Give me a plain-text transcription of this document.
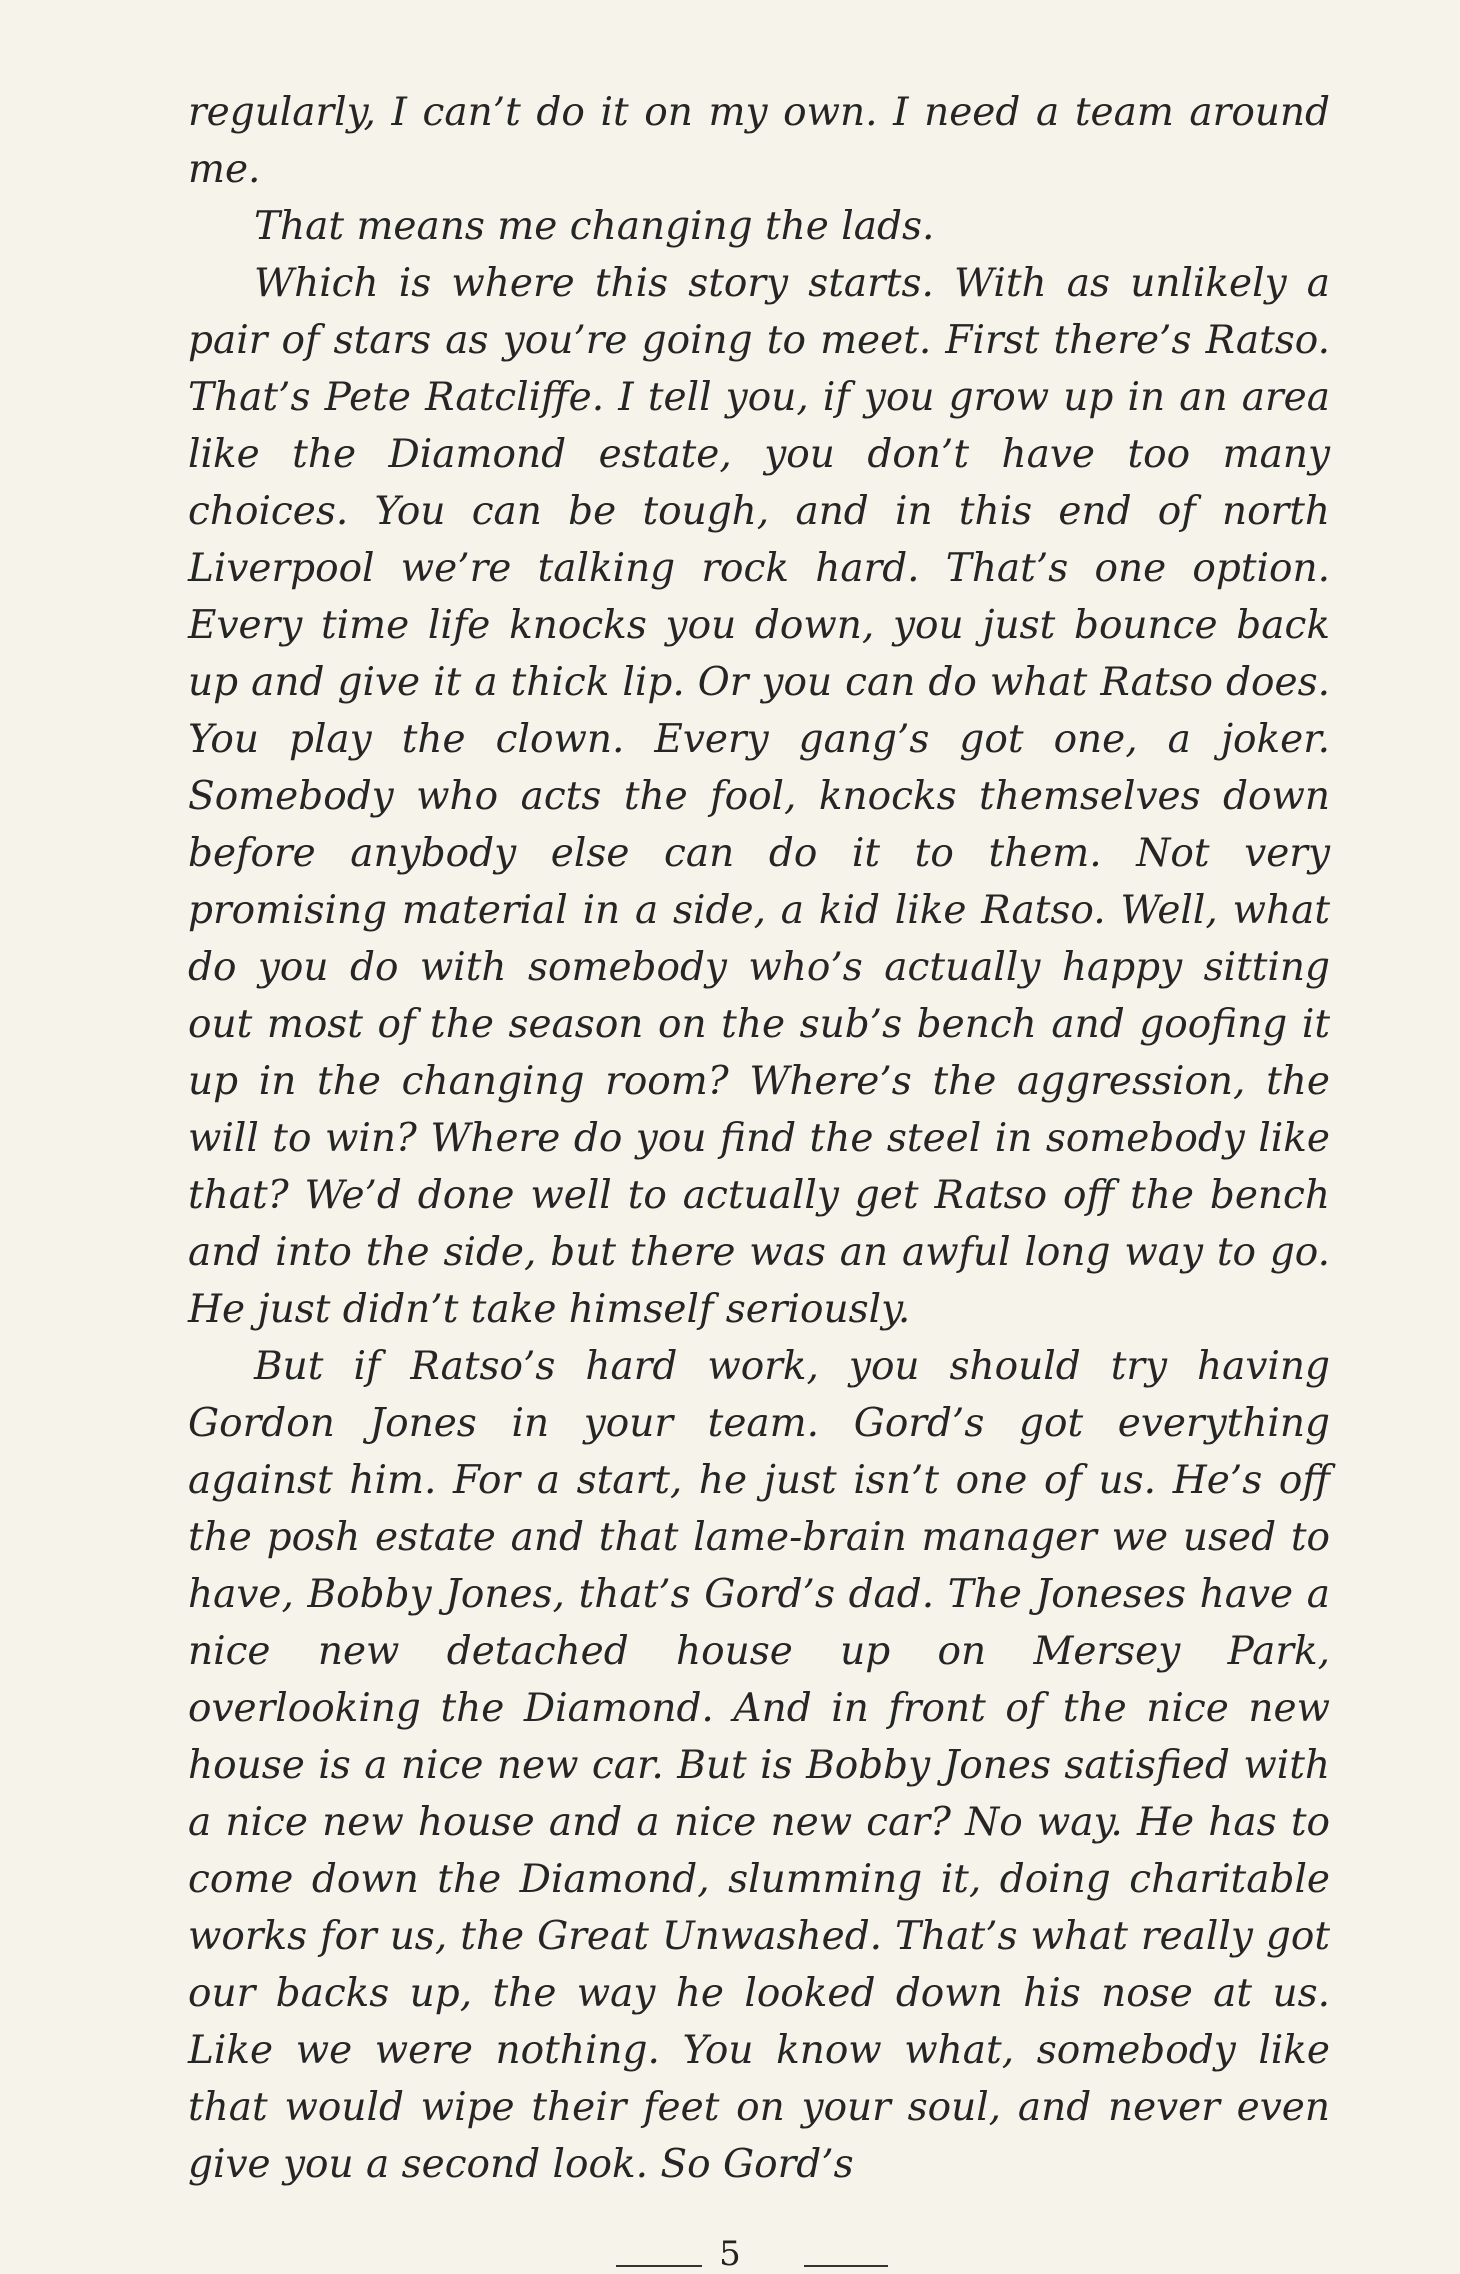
regularly, I can’t do it on my own. I need a team around me.

That means me changing the lads.

Which is where this story starts. With as unlikely a pair of stars as you’re going to meet. First there’s Ratso. That’s Pete Ratcliffe. I tell you, if you grow up in an area like the Diamond estate, you don’t have too many choices. You can be tough, and in this end of north Liverpool we’re talking rock hard. That’s one option. Every time life knocks you down, you just bounce back up and give it a thick lip. Or you can do what Ratso does. You play the clown. Every gang’s got one, a joker. Somebody who acts the fool, knocks themselves down before anybody else can do it to them. Not very promising material in a side, a kid like Ratso. Well, what do you do with somebody who’s actually happy sitting out most of the season on the sub’s bench and goofing it up in the changing room? Where’s the aggression, the will to win? Where do you find the steel in somebody like that? We’d done well to actually get Ratso off the bench and into the side, but there was an awful long way to go. He just didn’t take himself seriously.

But if Ratso’s hard work, you should try having Gordon Jones in your team. Gord’s got everything against him. For a start, he just isn’t one of us. He’s off the posh estate and that lame-brain manager we used to have, Bobby Jones, that’s Gord’s dad. The Joneses have a nice new detached house up on Mersey Park, overlooking the Diamond. And in front of the nice new house is a nice new car. But is Bobby Jones satisfied with a nice new house and a nice new car? No way. He has to come down the Diamond, slumming it, doing charitable works for us, the Great Unwashed. That’s what really got our backs up, the way he looked down his nose at us. Like we were nothing. You know what, somebody like that would wipe their feet on your soul, and never even give you a second look. So Gord’s

5
